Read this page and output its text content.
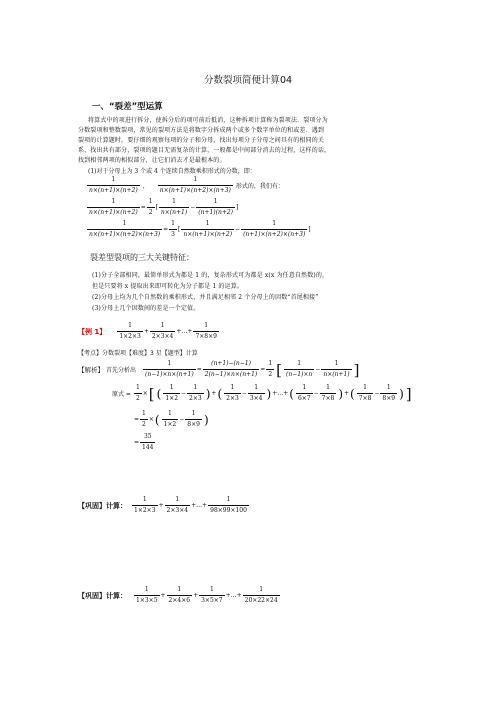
分数裂项简便计算04
一、“裂差”型运算
将算式中的项进行拆分，使拆分后的项可前后抵消，这种拆项计算称为裂项法．裂项分为
分数裂项和整数裂项，常见的裂项方法是将数字分拆成两个或多个数字单位的和或差．遇到
裂项的计算题时，要仔细的观察每项的分子和分母，找出每项分子分母之间具有的相同的关
系，找出共有部分，裂项的题目无需复杂的计算，一般都是中间部分消去的过程，这样的话，
找到相邻两项的相似部分，让它们消去才是最根本的。
(1)对于分母上为 3 个或 4 个连续自然数乘积形式的分数，即：
$\frac{1}{n\times(n+1)\times(n+2)}$ ， $\frac{1}{n\times(n+1)\times(n+2)\times(n+3)}$ 形式的，我们有：
$\frac{1}{n\times(n+1)\times(n+2)} = \frac{1}{2}$ [ $\frac{1}{n\times(n+1)} - \frac{1}{(n+1)(n+2)}$ ]
$\frac{1}{n\times(n+1)\times(n+2)\times(n+3)} = \frac{1}{3}$ [ $\frac{1}{n\times(n+1)\times(n+2)} - \frac{1}{(n+1)\times(n+2)\times(n+3)}$ ]
裂差型裂项的三大关键特征：
(1)分子全部相同，最简单形式为都是 1 的，复杂形式可为都是 x(x 为任意自然数)的，
但是只要将 x 提取出来即可转化为分子都是 1 的运算。
(2)分母上均为几个自然数的乘积形式，并且满足相邻 2 个分母上的因数“首尾相接”
(3)分母上几个因数间的差是一个定值。
【例 1】 $\frac{1}{1\times 2\times 3} + \frac{1}{2\times 3\times 4}$ +…+ $\frac{1}{7\times 8\times 9}$
【考点】分数裂项【难度】3 星【题型】计算
【解析】 首先分析出 $\frac{1}{(n-1)\times n\times(n+1)} = \frac{(n+1)-(n-1)}{2(n-1)\times n\times(n+1)} = \frac{1}{2}$ [ $\frac{1}{(n-1)\times n} - \frac{1}{n\times(n+1)}$ ]
原式 = $\frac{1}{2}$ × [ ( $\frac{1}{1\times 2} - \frac{1}{2\times 3}$ ) + ( $\frac{1}{2\times 3} - \frac{1}{3\times 4}$ ) +…+ ( $\frac{1}{6\times 7} - \frac{1}{7\times 8}$ ) + ( $\frac{1}{7\times 8} - \frac{1}{8\times 9}$ ) ]
= $\frac{1}{2}$ × ( $\frac{1}{1\times 2} - \frac{1}{8\times 9}$ )
= $\frac{35}{144}$
【巩固】计算： $\frac{1}{1\times 2\times 3} + \frac{1}{2\times 3\times 4}$ +…+ $\frac{1}{98\times 99\times 100}$
【巩固】计算： $\frac{1}{1\times 3\times 5} + \frac{1}{2\times 4\times 6} + \frac{1}{3\times 5\times 7}$ +…+ $\frac{1}{20\times 22\times 24}$
